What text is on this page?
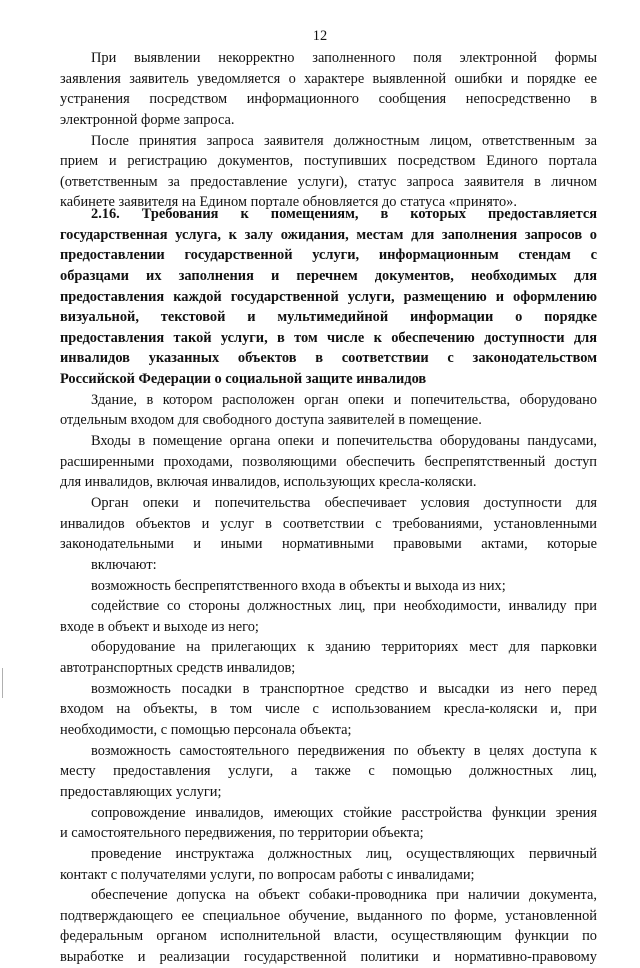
12
При выявлении некорректно заполненного поля электронной формы
заявления заявитель уведомляется о характере выявленной ошибки и порядке ее
устранения посредством информационного сообщения непосредственно в
электронной форме запроса.
После принятия запроса заявителя должностным лицом, ответственным за
прием и регистрацию документов, поступивших посредством Единого портала
(ответственным за предоставление услуги), статус запроса заявителя в личном
кабинете заявителя на Едином портале обновляется до статуса «принято».
2.16. Требования к помещениям, в которых предоставляется
государственная услуга, к залу ожидания, местам для заполнения запросов о
предоставлении государственной услуги, информационным стендам с
образцами их заполнения и перечнем документов, необходимых для
предоставления каждой государственной услуги, размещению и оформлению
визуальной, текстовой и мультимедийной информации о порядке
предоставления такой услуги, в том числе к обеспечению доступности для
инвалидов указанных объектов в соответствии с законодательством
Российской Федерации о социальной защите инвалидов
Здание, в котором расположен орган опеки и попечительства, оборудовано
отдельным входом для свободного доступа заявителей в помещение.
Входы в помещение органа опеки и попечительства оборудованы пандусами,
расширенными проходами, позволяющими обеспечить беспрепятственный доступ
для инвалидов, включая инвалидов, использующих кресла-коляски.
Орган опеки и попечительства обеспечивает условия доступности для
инвалидов объектов и услуг в соответствии с требованиями, установленными
законодательными и иными нормативными правовыми актами, которые
включают:
возможность беспрепятственного входа в объекты и выхода из них;
содействие со стороны должностных лиц, при необходимости, инвалиду при
входе в объект и выходе из него;
оборудование на прилегающих к зданию территориях мест для парковки
автотранспортных средств инвалидов;
возможность посадки в транспортное средство и высадки из него перед
входом на объекты, в том числе с использованием кресла-коляски и, при
необходимости, с помощью персонала объекта;
возможность самостоятельного передвижения по объекту в целях доступа к
месту предоставления услуги, а также с помощью должностных лиц,
предоставляющих услуги;
сопровождение инвалидов, имеющих стойкие расстройства функции зрения
и самостоятельного передвижения, по территории объекта;
проведение инструктажа должностных лиц, осуществляющих первичный
контакт с получателями услуги, по вопросам работы с инвалидами;
обеспечение допуска на объект собаки-проводника при наличии документа,
подтверждающего ее специальное обучение, выданного по форме, установленной
федеральным органом исполнительной власти, осуществляющим функции по
выработке и реализации государственной политики и нормативно-правовому
